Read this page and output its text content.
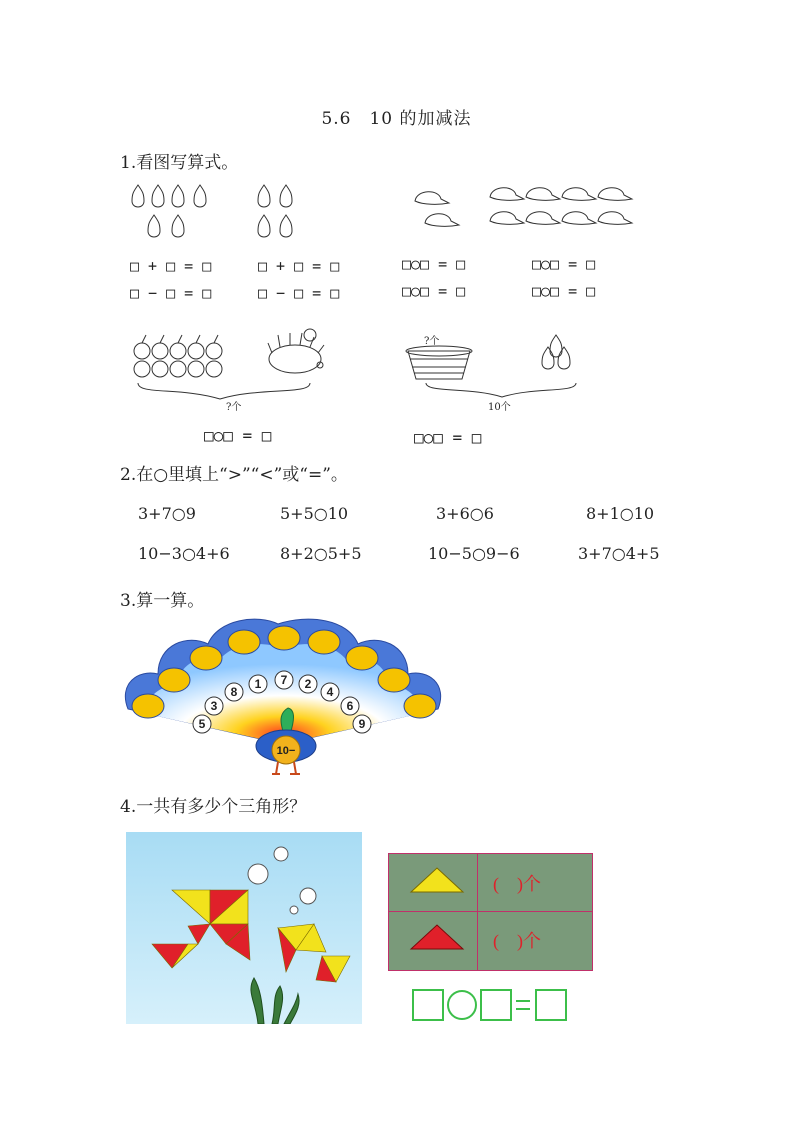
5.6　10 的加减法
1.看图写算式。
□ + □ = □
□ − □ = □
□ + □ = □
□ − □ = □
□○□ = □
□○□ = □
□○□ = □
□○□ = □
?个
?个
10个
□○□ = □	□○□ = □
2.在○里填上“>”“<”或“=”。
3+7○9	5+5○10	3+6○6	8+1○10
10−3○4+6	8+2○5+5	10−5○9−6	3+7○4+5
3.算一算。
1 7 2
8	4
3	6
5	9
10−
4.一共有多少个三角形？
(    )个
(    )个
